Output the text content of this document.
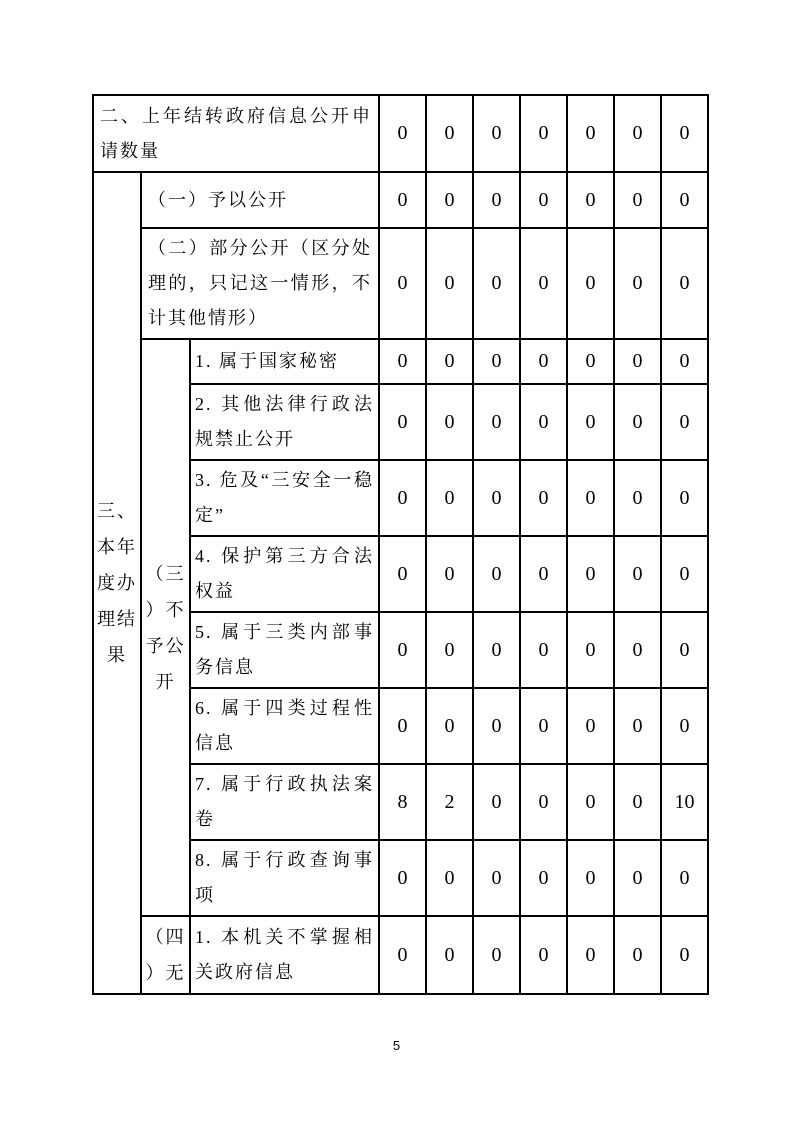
二、上年结转政府信息公开申请数量			0	0	0	0	0	0	0
三、本年度办理结果	（一）予以公开		0	0	0	0	0	0	0
	（二）部分公开（区分处理的，只记这一情形，不计其他情形）		0	0	0	0	0	0	0
	（三）不予公开	1. 属于国家秘密	0	0	0	0	0	0	0
		2. 其他法律行政法规禁止公开	0	0	0	0	0	0	0
		3. 危及“三安全一稳定”	0	0	0	0	0	0	0
		4. 保护第三方合法权益	0	0	0	0	0	0	0
		5. 属于三类内部事务信息	0	0	0	0	0	0	0
		6. 属于四类过程性信息	0	0	0	0	0	0	0
		7. 属于行政执法案卷	8	2	0	0	0	0	10
		8. 属于行政查询事项	0	0	0	0	0	0	0
	（四）无	1. 本机关不掌握相关政府信息	0	0	0	0	0	0	0
5
